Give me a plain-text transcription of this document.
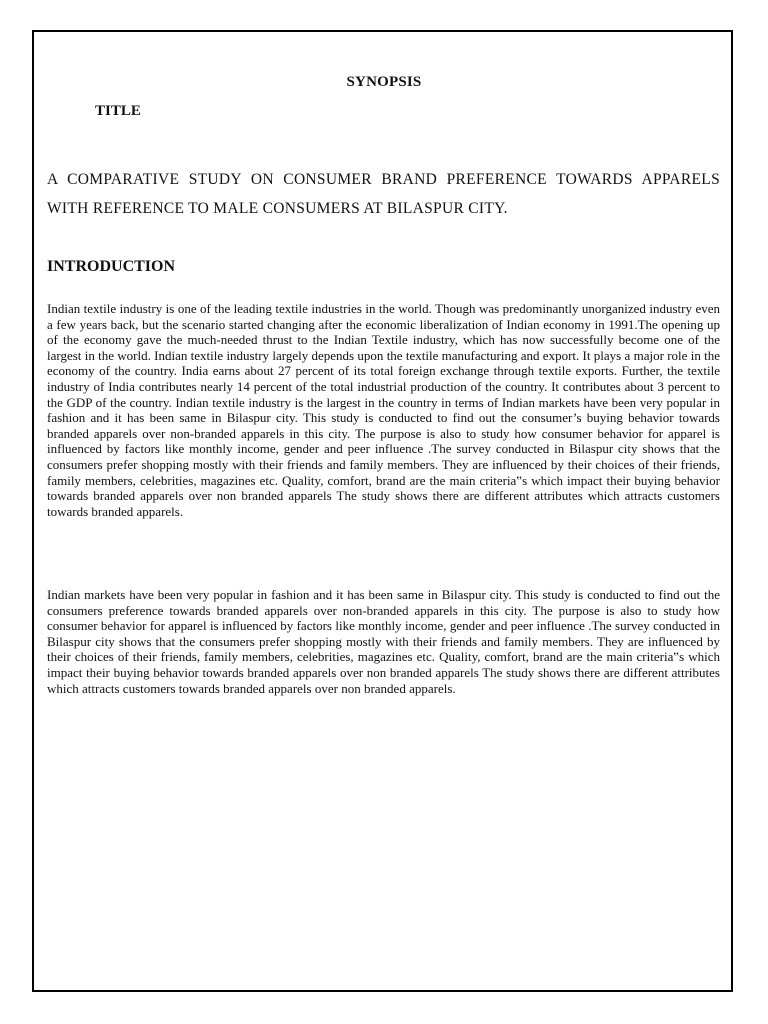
SYNOPSIS
TITLE
A COMPARATIVE STUDY ON CONSUMER BRAND PREFERENCE TOWARDS APPARELS WITH REFERENCE TO MALE CONSUMERS AT BILASPUR CITY.
INTRODUCTION

Indian textile industry is one of the leading textile industries in the world. Though was predominantly unorganized industry even a few years back, but the scenario started changing after the economic liberalization of Indian economy in 1991.The opening up of the economy gave the much-needed thrust to the Indian Textile industry, which has now successfully become one of the largest in the world. Indian textile industry largely depends upon the textile manufacturing and export. It plays a major role in the economy of the country. India earns about 27 percent of its total foreign exchange through textile exports. Further, the textile industry of India contributes nearly 14 percent of the total industrial production of the country. It contributes about 3 percent to the GDP of the country. Indian textile industry is the largest in the country in terms of Indian markets have been very popular in fashion and it has been same in Bilaspur city. This study is conducted to find out the consumer’s buying behavior towards branded apparels over non-branded apparels in this city. The purpose is also to study how consumer behavior for apparel is influenced by factors like monthly income, gender and peer influence .The survey conducted in Bilaspur city shows that the consumers prefer shopping mostly with their friends and family members. They are influenced by their choices of their friends, family members, celebrities, magazines etc. Quality, comfort, brand are the main criteria‟s which impact their buying behavior towards branded apparels over non branded apparels The study shows there are different attributes which attracts customers towards branded apparels.

Indian markets have been very popular in fashion and it has been same in Bilaspur city. This study is conducted to find out the consumers preference towards branded apparels over non-branded apparels in this city. The purpose is also to study how consumer behavior for apparel is influenced by factors like monthly income, gender and peer influence .The survey conducted in Bilaspur city shows that the consumers prefer shopping mostly with their friends and family members. They are influenced by their choices of their friends, family members, celebrities, magazines etc. Quality, comfort, brand are the main criteria‟s which impact their buying behavior towards branded apparels over non branded apparels The study shows there are different attributes which attracts customers towards branded apparels over non branded apparels.
